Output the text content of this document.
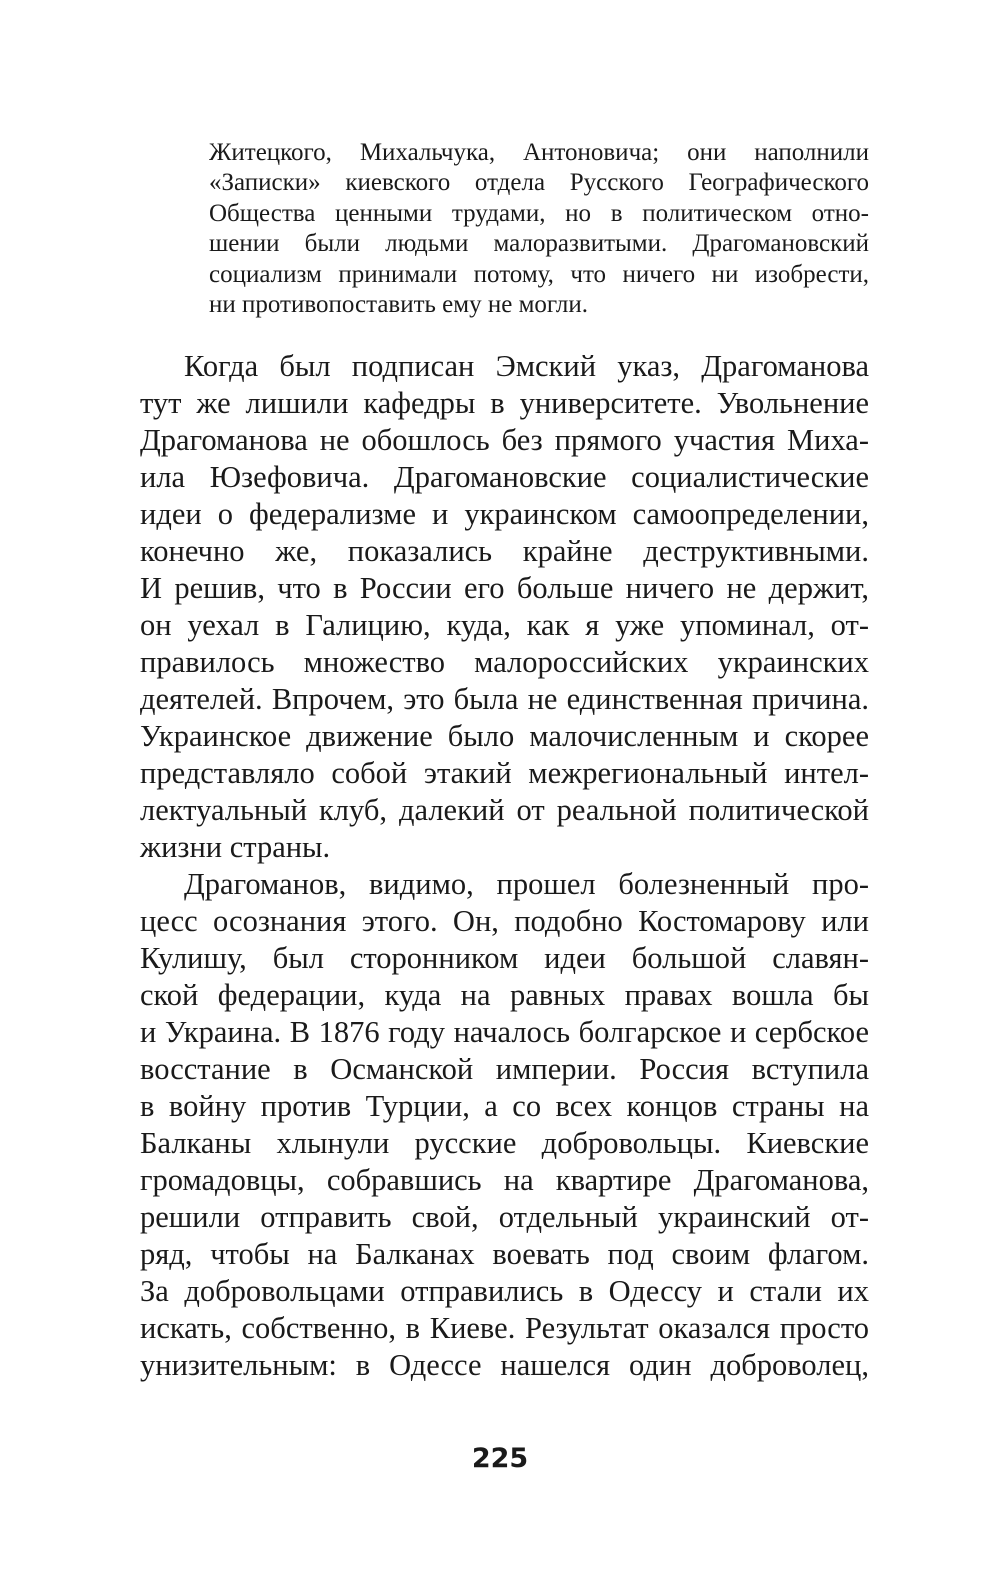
Житецкого, Михальчука, Антоновича; они наполнили
«Записки» киевского отдела Русского Географического
Общества ценными трудами, но в политическом отно-
шении были людьми малоразвитыми. Драгомановский
социализм принимали потому, что ничего ни изобрести,
ни противопоставить ему не могли.
Когда был подписан Эмский указ, Драгоманова
тут же лишили кафедры в университете. Увольнение
Драгоманова не обошлось без прямого участия Миха-
ила Юзефовича. Драгомановские социалистические
идеи о федерализме и украинском самоопределении,
конечно же, показались крайне деструктивными.
И решив, что в России его больше ничего не держит,
он уехал в Галицию, куда, как я уже упоминал, от-
правилось множество малороссийских украинских
деятелей. Впрочем, это была не единственная причина.
Украинское движение было малочисленным и скорее
представляло собой этакий межрегиональный интел-
лектуальный клуб, далекий от реальной политической
жизни страны.
Драгоманов, видимо, прошел болезненный про-
цесс осознания этого. Он, подобно Костомарову или
Кулишу, был сторонником идеи большой славян-
ской федерации, куда на равных правах вошла бы
и Украина. В 1876 году началось болгарское и сербское
восстание в Османской империи. Россия вступила
в войну против Турции, а со всех концов страны на
Балканы хлынули русские добровольцы. Киевские
громадовцы, собравшись на квартире Драгоманова,
решили отправить свой, отдельный украинский от-
ряд, чтобы на Балканах воевать под своим флагом.
За добровольцами отправились в Одессу и стали их
искать, собственно, в Киеве. Результат оказался просто
унизительным: в Одессе нашелся один доброволец,
225
